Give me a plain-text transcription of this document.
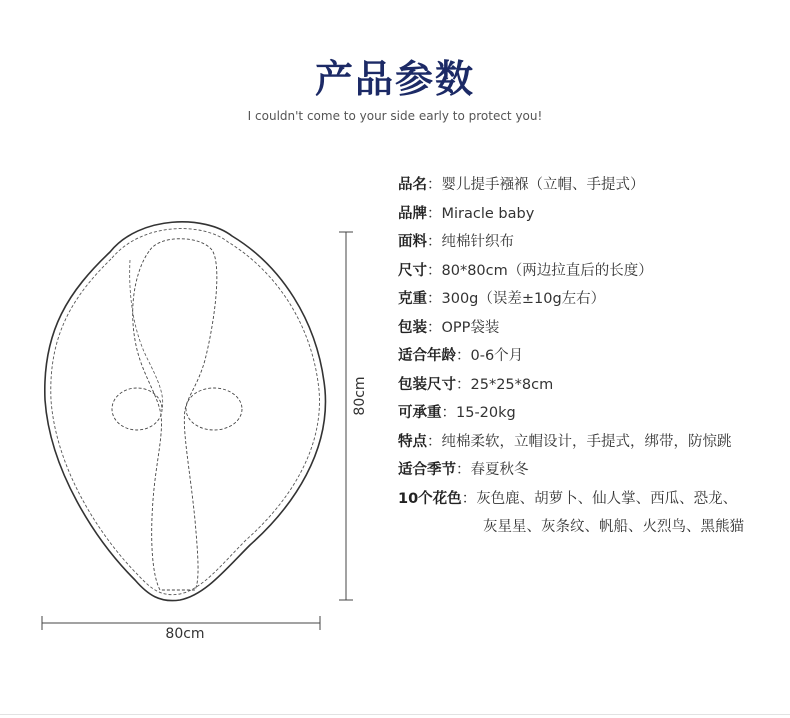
产品参数
I couldn't come to your side early to protect you!
80cm
80cm
品名：婴儿提手襁褓（立帽、手提式）
品牌：Miracle baby
面料：纯棉针织布
尺寸：80*80cm（两边拉直后的长度）
克重：300g（误差±10g左右）
包装：OPP袋装
适合年龄：0-6个月
包装尺寸：25*25*8cm
可承重：15-20kg
特点：纯棉柔软，立帽设计，手提式，绑带，防惊跳
适合季节：春夏秋冬
10个花色：灰色鹿、胡萝卜、仙人掌、西瓜、恐龙、
灰星星、灰条纹、帆船、火烈鸟、黑熊猫
